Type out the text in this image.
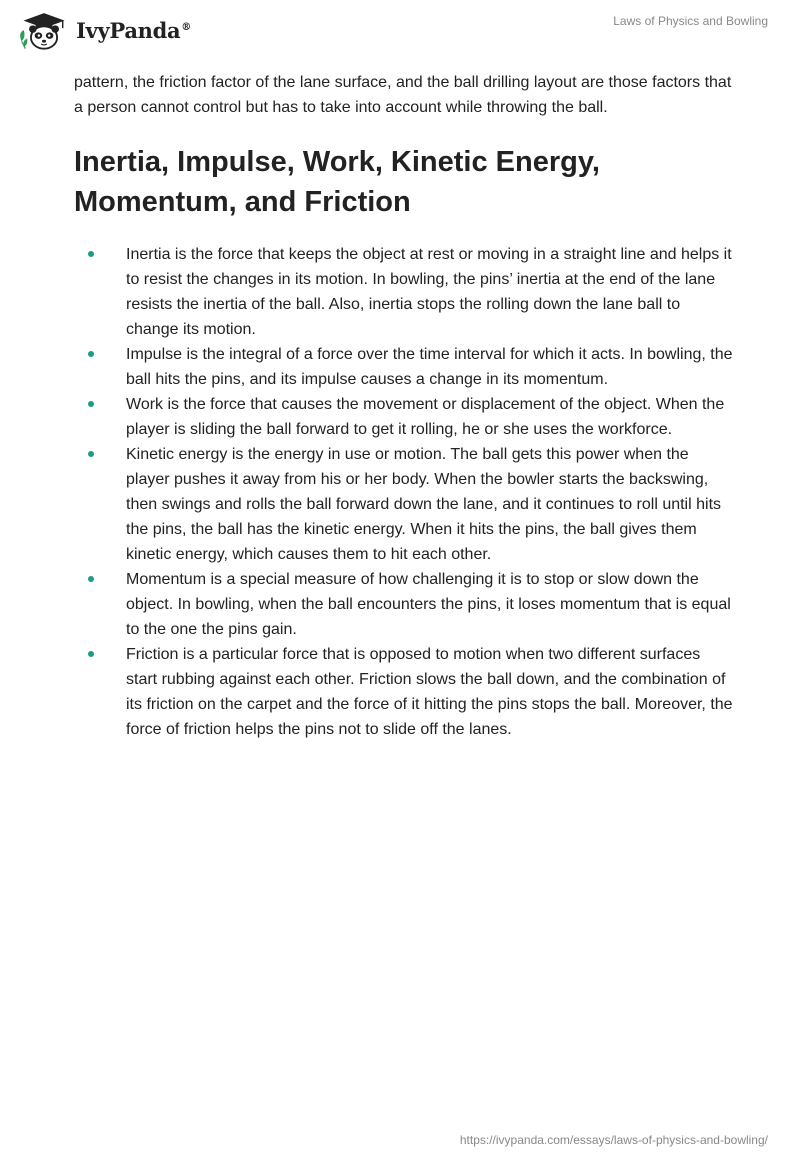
IvyPanda®	Laws of Physics and Bowling

pattern, the friction factor of the lane surface, and the ball drilling layout are those factors that a person cannot control but has to take into account while throwing the ball.

Inertia, Impulse, Work, Kinetic Energy, Momentum, and Friction
Inertia is the force that keeps the object at rest or moving in a straight line and helps it to resist the changes in its motion. In bowling, the pins’ inertia at the end of the lane resists the inertia of the ball. Also, inertia stops the rolling down the lane ball to change its motion.
Impulse is the integral of a force over the time interval for which it acts. In bowling, the ball hits the pins, and its impulse causes a change in its momentum.
Work is the force that causes the movement or displacement of the object. When the player is sliding the ball forward to get it rolling, he or she uses the workforce.
Kinetic energy is the energy in use or motion. The ball gets this power when the player pushes it away from his or her body. When the bowler starts the backswing, then swings and rolls the ball forward down the lane, and it continues to roll until hits the pins, the ball has the kinetic energy. When it hits the pins, the ball gives them kinetic energy, which causes them to hit each other.
Momentum is a special measure of how challenging it is to stop or slow down the object. In bowling, when the ball encounters the pins, it loses momentum that is equal to the one the pins gain.
Friction is a particular force that is opposed to motion when two different surfaces start rubbing against each other. Friction slows the ball down, and the combination of its friction on the carpet and the force of it hitting the pins stops the ball. Moreover, the force of friction helps the pins not to slide off the lanes.
https://ivypanda.com/essays/laws-of-physics-and-bowling/
